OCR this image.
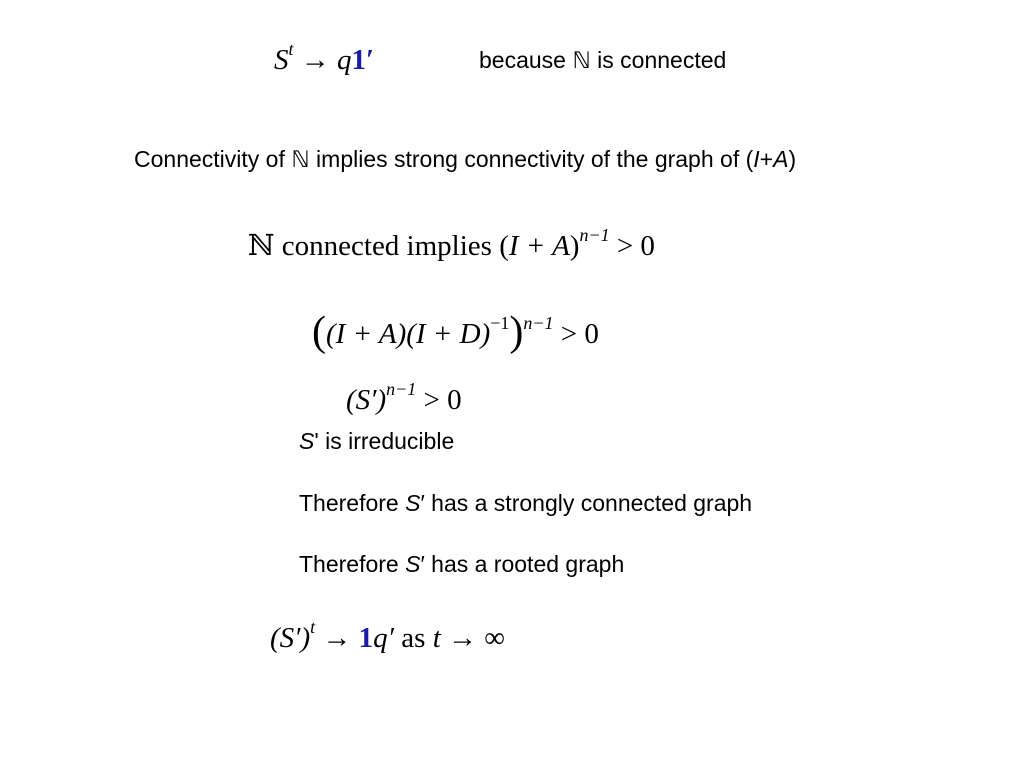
$S^t \to q1'$	because ℕ is connected
Connectivity of ℕ implies strong connectivity of the graph of (I+A)
ℕ connected implies $(I + A)^{n-1} > 0$
$((I + A)(I + D)^{-1})^{n-1} > 0$
$(S')^{n-1} > 0$
S' is irreducible
Therefore S′ has a strongly connected graph
Therefore S′ has a rooted graph
$(S')^t \to 1q'$ as t → ∞
